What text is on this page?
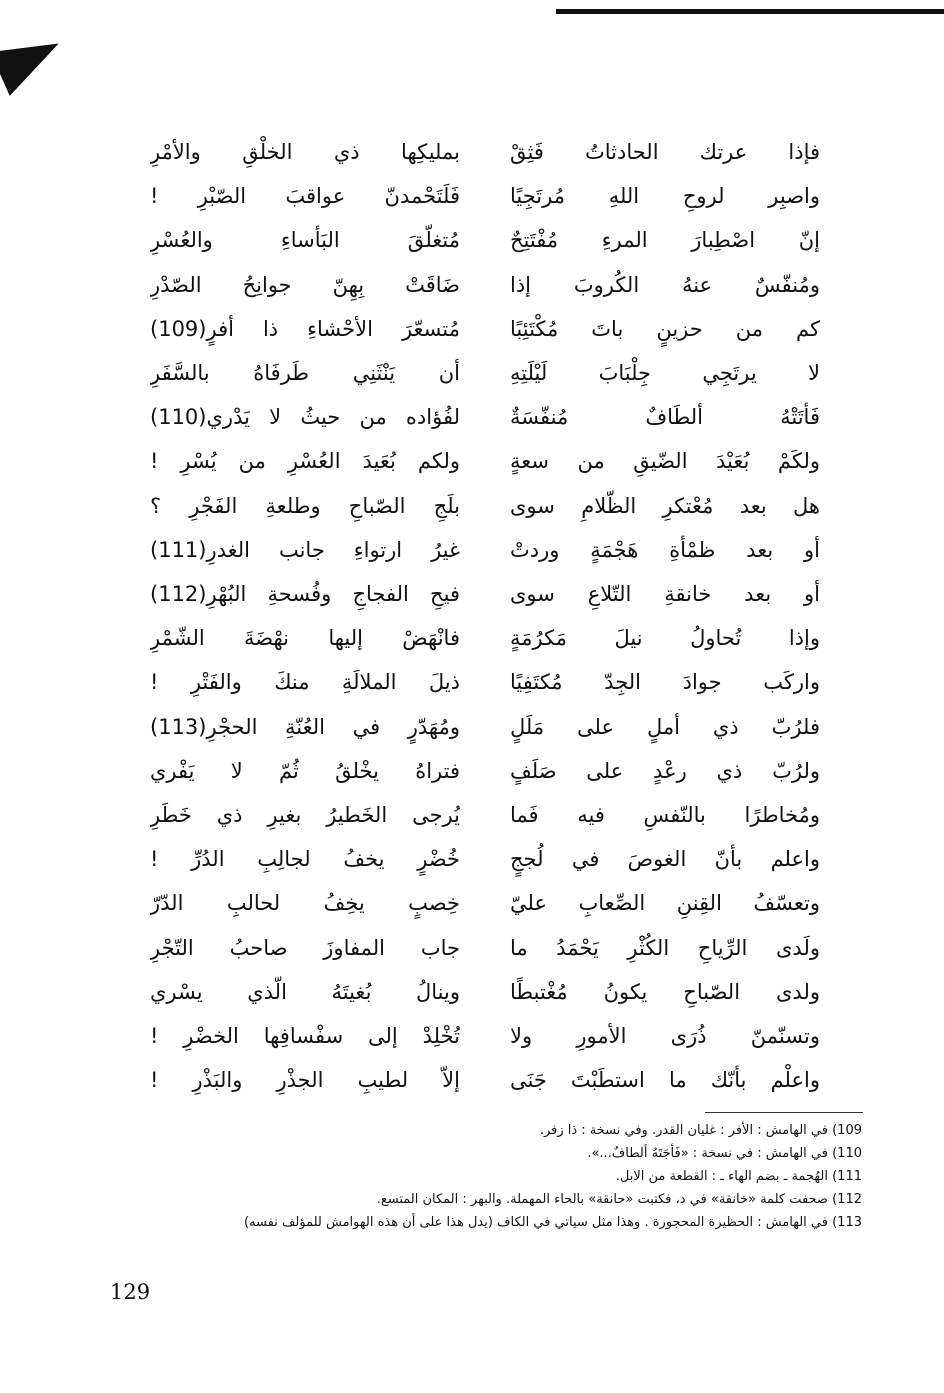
فإذا عرتك الحادثاتُ فَثِقْ
بمليكِها ذي الخلْقِ والأمْرِ
واصبِر لروحِ اللهِ مُرتَجِيًا
فَلَتَحْمدنّ عواقبَ الصّبْرِ !
إنّ اصْطِبارَ المرءِ مُفْتَتِحٌ
مُتغلّقَ البَأساءِ والعُسْرِ
ومُنفّسٌ عنهُ الكُروبَ إذا
ضَاقَتْ بِهِنّ جوانِحُ الصّدْرِ
كم من حزينٍ باتَ مُكْتَئِبًا
مُتسعّرَ الأحْشاءِ ذا أفرٍ(109)
لا يرتَجِي جِلْبَابَ لَيْلَتِهِ
أن يَنْثَنِي طَرفَاهُ بالسَّفَرِ
فَأتَتْهُ ألطَافٌ مُنفّسَةٌ
لفُؤاده من حيثُ لا يَدْري(110)
ولكَمْ بُعَيْدَ الضّيقِ من سعةٍ
ولكم بُعَيدَ العُسْرِ من يُسْرِ !
هل بعد مُعْتكرِ الظّلامِ سوى
بلَجِ الصّباحِ وطلعةِ الفَجْرِ ؟
أو بعد ظمْأةِ هَجْمَةٍ وردتْ
غيرُ ارتواءِ جانب الغدرِ(111)
أو بعد خانقةِ التّلاعِ سوى
فيحِ الفجاجِ وفُسحةِ البُهْرِ(112)
وإذا تُحاولُ نيلَ مَكرُمَةٍ
فانْهَضْ إليها نهْضَةَ الشّمْرِ
واركَب جوادَ الجِدّ مُكتَفِيًا
ذيلَ الملالَةِ منكَ والفَتْرِ !
فلرُبّ ذي أملٍ على مَلَلٍ
ومُهَدّرٍ في العُنّةِ الحجْرِ(113)
ولرُبّ ذي رعْدٍ على صَلَفٍ
فتراهُ يخْلقُ ثُمّ لا يَفْري
ومُخاطرًا بالنّفسِ فيه فَما
يُرجى الخَطيرُ بغيرِ ذي خَطَرِ
واعلم بأنّ الغوصَ في لُججٍ
خُضْرٍ يخفُ لجالِبِ الدُرِّ !
وتعسّفُ القِننِ الصِّعابِ عليّ
خِصبٍ يخِفُ لحالبِ الدّرّ
ولَدى الرِّياحِ الكُثْرِ يَحْمَدُ ما
جاب المفاوزَ صاحبُ التّجْرِ
ولدى الصّباحِ يكونُ مُغْتبطًا
وينالُ بُغيتَهُ الّذي يسْري
وتسنّمنّ ذُرَى الأمورِ ولا
تُخْلِدْ إلى سفْسافِها الخضْرِ !
واعلْم بأنّك ما استطَبْتَ جَنَى
إلاّ لطيبِ الجذْرِ والبَذْرِ !
109) في الهامش : الأفر : غليان القدر. وفي نسخة : ذا زفر.
110) في الهامش : في نسخة : «فَأجَتَهُ ألطافٌ...».
111) الهُجمة ـ بضم الهاء ـ : القطعة من الابل.
112) صحفت كلمة «خانقة» في د، فكتبت «حانقة» بالحاء المهملة. والبهر : المكان المتسع.
113) في الهامش : الحظيرة المحجورة . وهذا مثل سياتي في الكاف (يدل هذا على أن هذه الهوامش للمؤلف نفسه)
129
